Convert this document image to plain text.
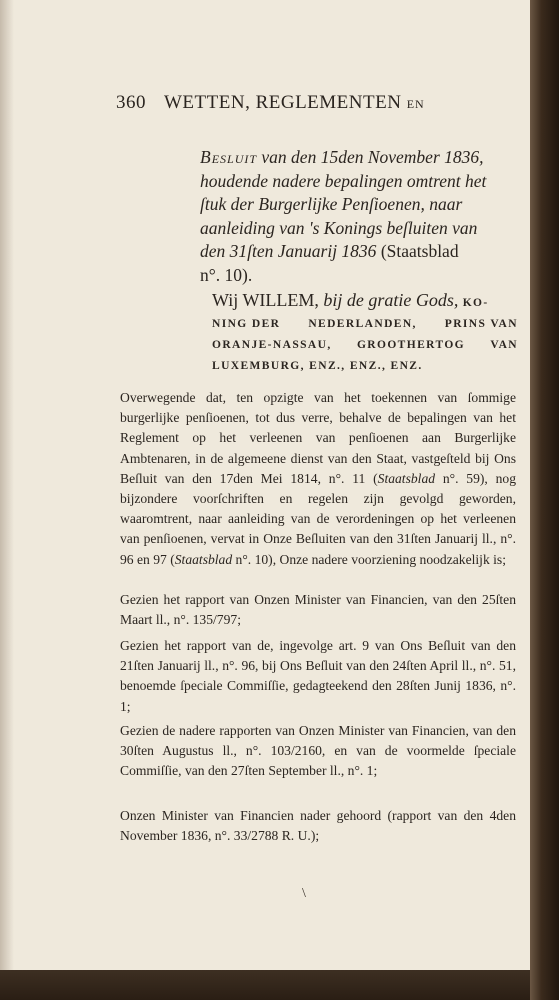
360 WETTEN, REGLEMENTEN EN
Besluit van den 15den November 1836,
houdende nadere bepalingen omtrent het
ſtuk der Burgerlijke Penſioenen, naar
aanleiding van 's Konings beſluiten van
den 31ſten Januarij 1836 (Staatsblad
n°. 10).
Wij WILLEM, bij de gratie Gods, KO-
NING DER NEDERLANDEN, PRINS VAN
ORANJE-NASSAU, GROOTHERTOG VAN
LUXEMBURG, ENZ., ENZ., ENZ.

Overwegende dat, ten opzigte van het toekennen van ſommige burgerlijke penſioenen, tot dus verre, behalve de bepalingen van het Reglement op het verleenen van penſioenen aan Burgerlijke Ambtenaren, in de algemeene dienst van den Staat, vastgeſteld bij Ons Beſluit van den 17den Mei 1814, n°. 11 (Staatsblad n°. 59), nog bijzondere voorſchriften en regelen zijn gevolgd geworden, waaromtrent, naar aanleiding van de verordeningen op het verleenen van penſioenen, vervat in Onze Beſluiten van den 31ſten Januarij ll., n°. 96 en 97 (Staatsblad n°. 10), Onze nadere voorziening noodzakelijk is;

Gezien het rapport van Onzen Minister van Financien, van den 25ſten Maart ll., n°. 135/797;

Gezien het rapport van de, ingevolge art. 9 van Ons Beſluit van den 21ſten Januarij ll., n°. 96, bij Ons Beſluit van den 24ſten April ll., n°. 51, benoemde ſpeciale Commiſſie, gedagteekend den 28ſten Junij 1836, n°. 1;

Gezien de nadere rapporten van Onzen Minister van Financien, van den 30ſten Augustus ll., n°. 103/2160, en van de voormelde ſpeciale Commiſſie, van den 27ſten September ll., n°. 1;

Onzen Minister van Financien nader gehoord (rapport van den 4den November 1836, n°. 33/2788 R. U.);

\
